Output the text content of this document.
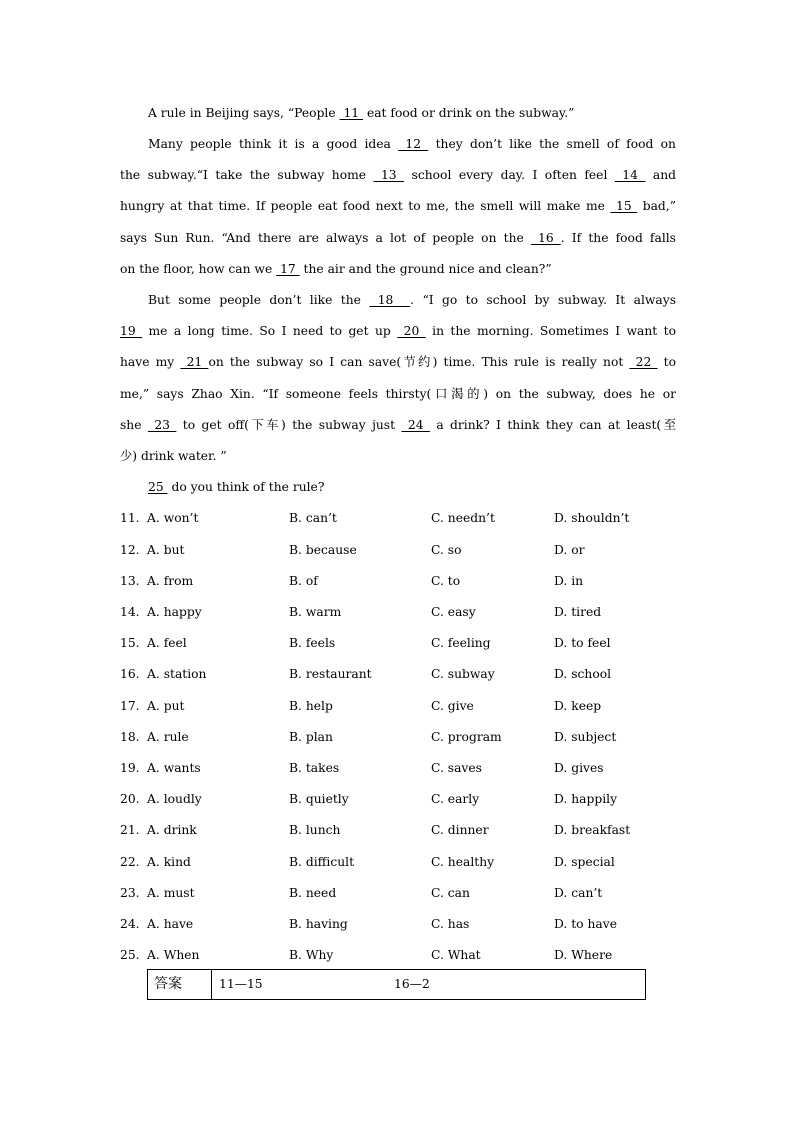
A rule in Beijing says, “People  11  eat food or drink on the subway.”
Many people think it is a good idea  12  they don’t like the smell of food on
the subway.“I take the subway home  13  school every day. I often feel  14  and
hungry at that time. If people eat food next to me, the smell will make me  15  bad,”
says Sun Run. “And there are always a lot of people on the  16 . If the food falls
on the floor, how can we  17  the air and the ground nice and clean?”
But some people don’t like the  18  . “I go to school by subway. It always
19  me a long time. So I need to get up  20  in the morning. Sometimes I want to
have my  21 on the subway so I can save(节约) time. This rule is really not  22  to
me,” says Zhao Xin. “If someone feels thirsty(口渴的) on the subway, does he or
she  23  to get off(下车) the subway just  24  a drink? I think they can at least(至
少) drink water. ”
25  do you think of the rule?
11. A. won’t	B. can’t	C. needn’t	D. shouldn’t
12. A. but	B. because	C. so	D. or
13. A. from	B. of	C. to	D. in
14. A. happy	B. warm	C. easy	D. tired
15. A. feel	B. feels	C. feeling	D. to feel
16. A. station	B. restaurant	C. subway	D. school
17. A. put	B. help	C. give	D. keep
18. A. rule	B. plan	C. program	D. subject
19. A. wants	B. takes	C. saves	D. gives
20. A. loudly	B. quietly	C. early	D. happily
21. A. drink	B. lunch	C. dinner	D. breakfast
22. A. kind	B. difficult	C. healthy	D. special
23. A. must	B. need	C. can	D. can’t
24. A. have	B. having	C. has	D. to have
25. A. When	B. Why	C. What	D. Where
答案	11—15	16—2
